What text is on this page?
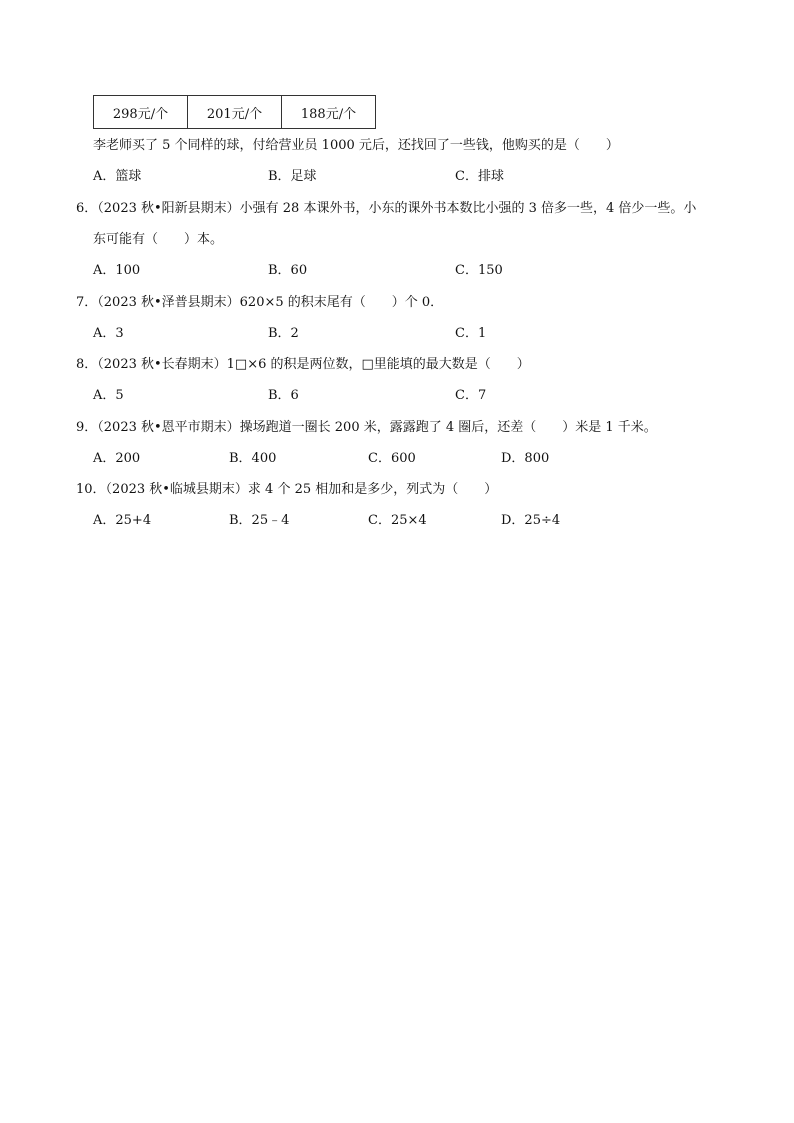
298元/个	201元/个	188元/个
李老师买了 5 个同样的球，付给营业员 1000 元后，还找回了一些钱，他购买的是（　　）
A．篮球	B．足球	C．排球
6．（2023 秋•阳新县期末）小强有 28 本课外书，小东的课外书本数比小强的 3 倍多一些，4 倍少一些。小
东可能有（　　）本。
A．100	B．60	C．150
7．（2023 秋•泽普县期末）620×5 的积末尾有（　　）个 0．
A．3	B．2	C．1
8．（2023 秋•长春期末）1□×6 的积是两位数，□里能填的最大数是（　　）
A．5	B．6	C．7
9．（2023 秋•恩平市期末）操场跑道一圈长 200 米，露露跑了 4 圈后，还差（　　）米是 1 千米。
A．200	B．400	C．600	D．800
10．（2023 秋•临城县期末）求 4 个 25 相加和是多少，列式为（　　）
A．25+4	B．25﹣4	C．25×4	D．25÷4
